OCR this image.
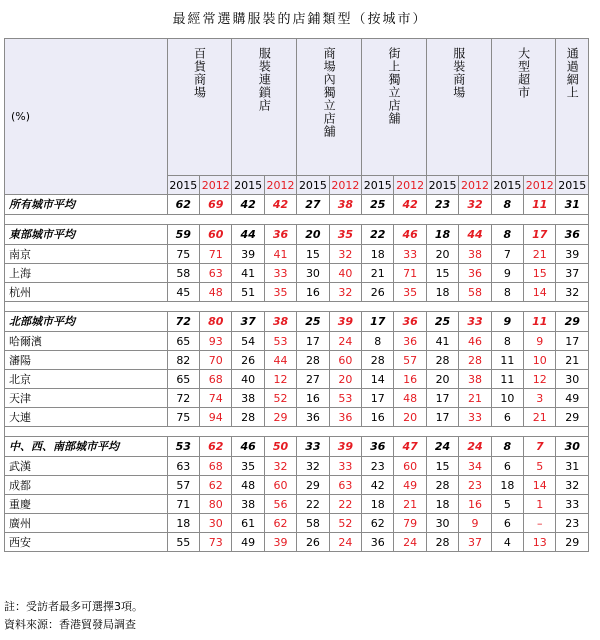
最經常選購服裝的店鋪類型（按城市）
(%)	百貨商場		服裝連鎖店		商場內獨立店舖		街上獨立店舖		服裝商場		大型超市		通過網上
	2015	2012	2015	2012	2015	2012	2015	2012	2015	2012	2015	2012	2015
所有城市平均	62	69	42	42	27	38	25	42	23	32	8	11	31

東部城市平均	59	60	44	36	20	35	22	46	18	44	8	17	36
南京	75	71	39	41	15	32	18	33	20	38	7	21	39
上海	58	63	41	33	30	40	21	71	15	36	9	15	37
杭州	45	48	51	35	16	32	26	35	18	58	8	14	32

北部城市平均	72	80	37	38	25	39	17	36	25	33	9	11	29
哈爾濱	65	93	54	53	17	24	8	36	41	46	8	9	17
瀋陽	82	70	26	44	28	60	28	57	28	28	11	10	21
北京	65	68	40	12	27	20	14	16	20	38	11	12	30
天津	72	74	38	52	16	53	17	48	17	21	10	3	49
大連	75	94	28	29	36	36	16	20	17	33	6	21	29

中、西、南部城市平均	53	62	46	50	33	39	36	47	24	24	8	7	30
武漢	63	68	35	32	32	33	23	60	15	34	6	5	31
成都	57	62	48	60	29	63	42	49	28	23	18	14	32
重慶	71	80	38	56	22	22	18	21	18	16	5	1	33
廣州	18	30	61	62	58	52	62	79	30	9	6	–	23
西安	55	73	49	39	26	24	36	24	28	37	4	13	29
註：受訪者最多可選擇3項。
資料來源：香港貿發局調查
